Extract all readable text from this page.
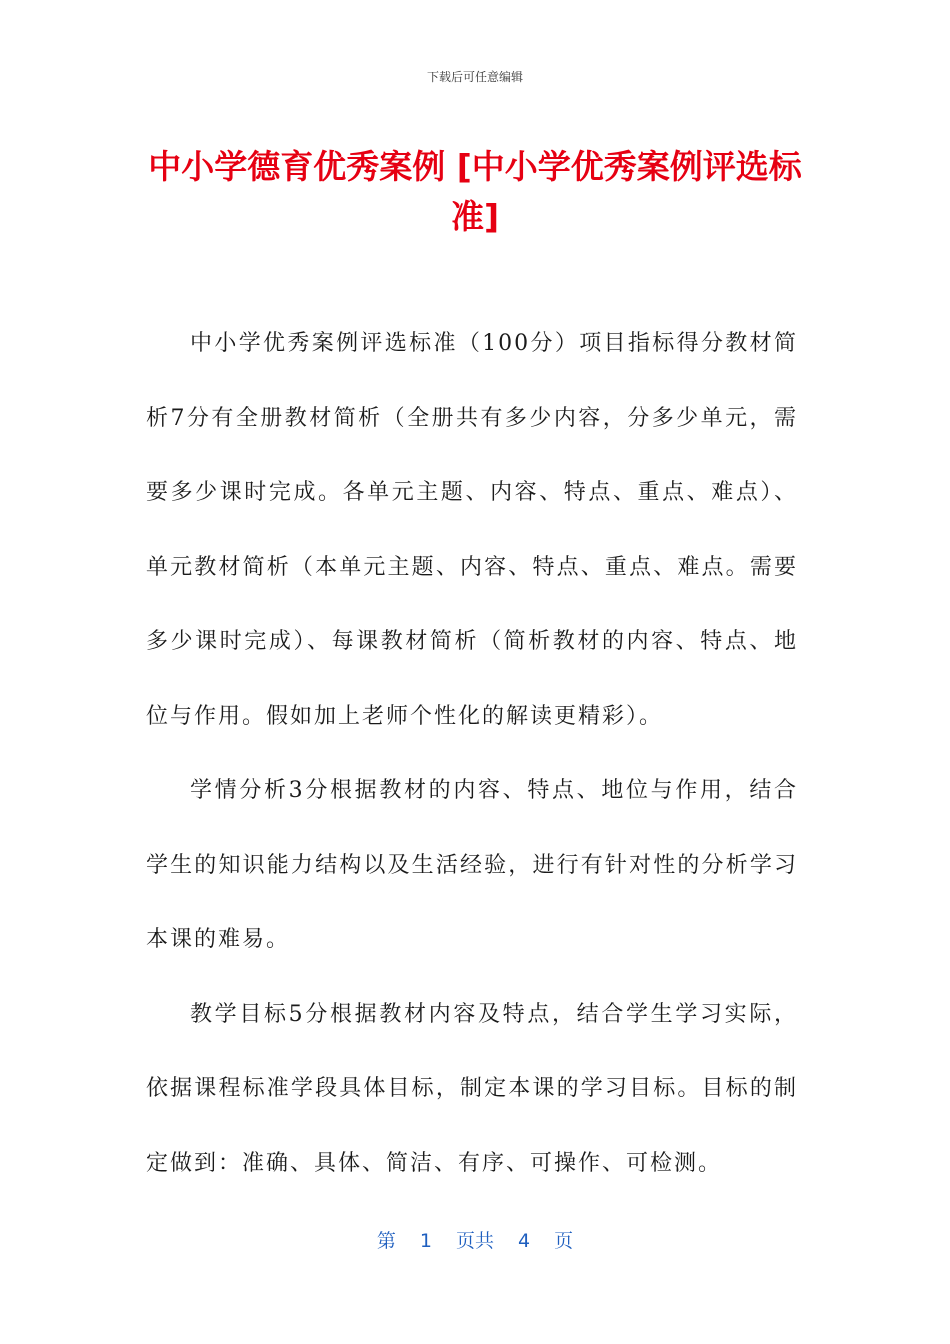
下载后可任意编辑
中小学德育优秀案例 [中小学优秀案例评选标准]

中小学优秀案例评选标准（100分）项目指标得分教材简析7分有全册教材简析（全册共有多少内容，分多少单元，需要多少课时完成。各单元主题、内容、特点、重点、难点）、单元教材简析（本单元主题、内容、特点、重点、难点。需要多少课时完成）、每课教材简析（简析教材的内容、特点、地位与作用。假如加上老师个性化的解读更精彩）。

学情分析3分根据教材的内容、特点、地位与作用，结合学生的知识能力结构以及生活经验，进行有针对性的分析学习本课的难易。

教学目标5分根据教材内容及特点，结合学生学习实际，依据课程标准学段具体目标，制定本课的学习目标。目标的制定做到：准确、具体、简洁、有序、可操作、可检测。

第 1 页共 4 页
